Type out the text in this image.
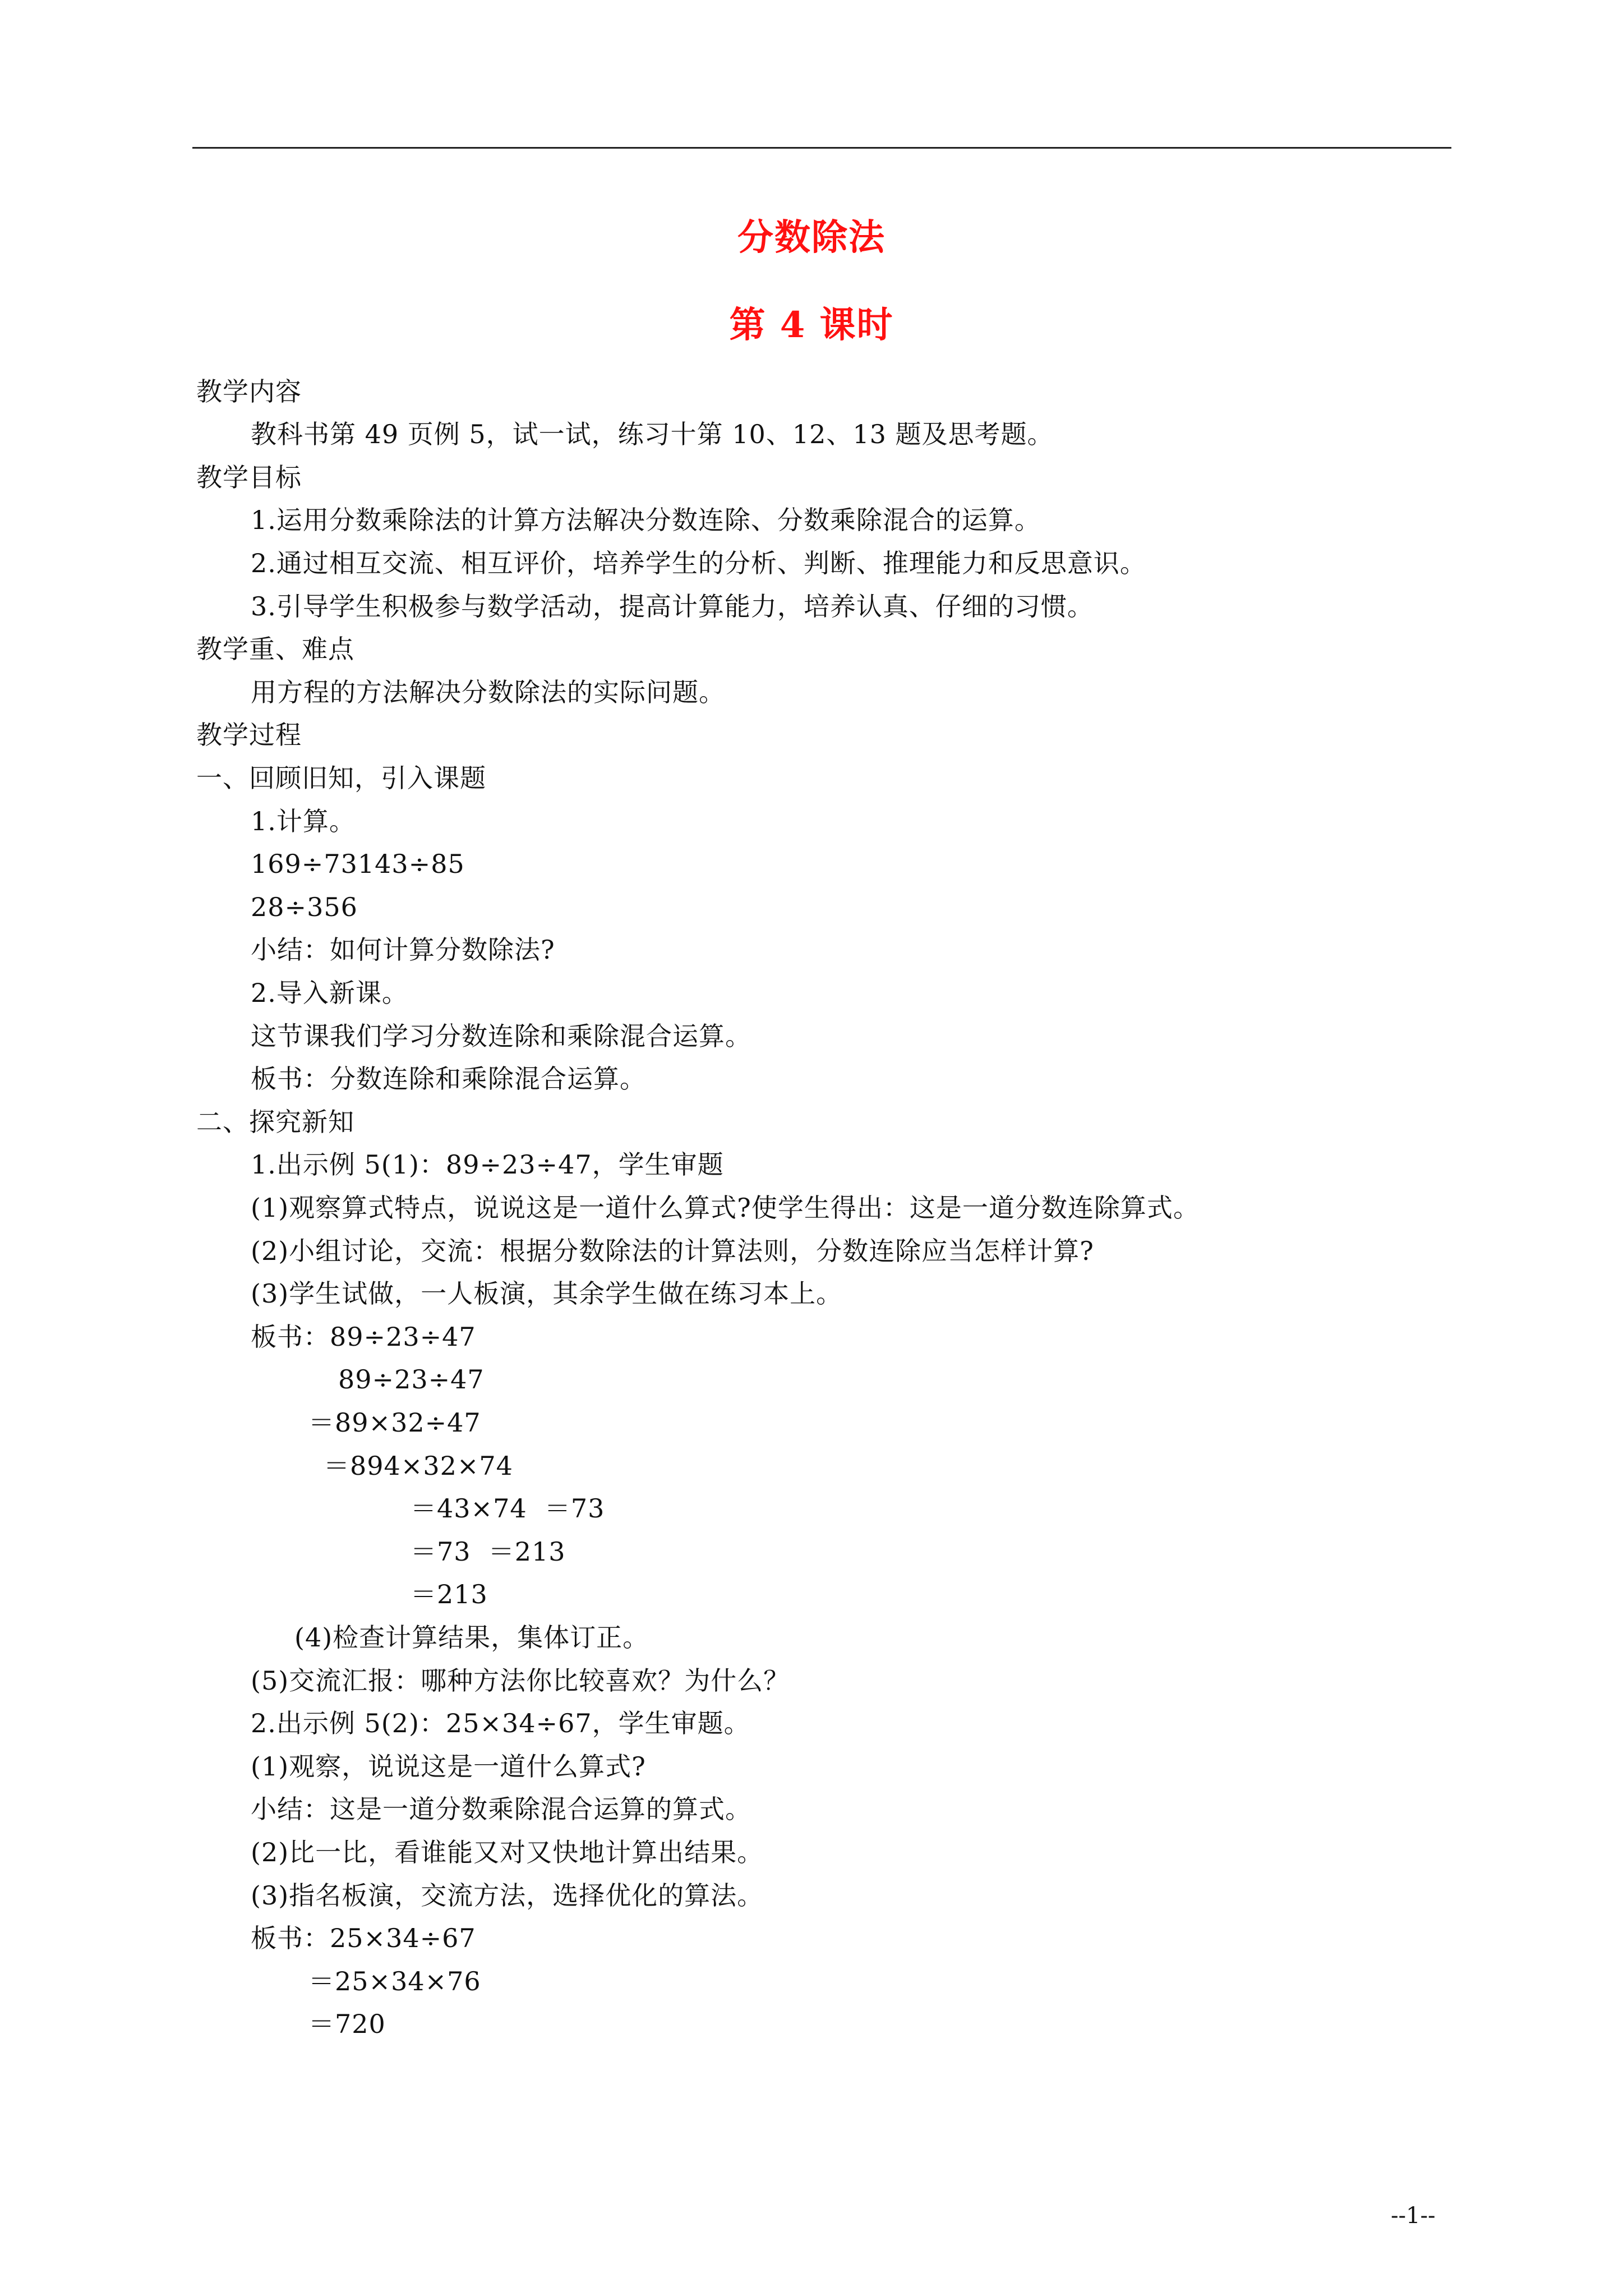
分数除法
第 4 课时
教学内容
教科书第 49 页例 5，试一试，练习十第 10、12、13 题及思考题。
教学目标
1.运用分数乘除法的计算方法解决分数连除、分数乘除混合的运算。
2.通过相互交流、相互评价，培养学生的分析、判断、推理能力和反思意识。
3.引导学生积极参与数学活动，提高计算能力，培养认真、仔细的习惯。
教学重、难点
用方程的方法解决分数除法的实际问题。
教学过程
一、回顾旧知，引入课题
1.计算。
169÷73143÷85
28÷356
小结：如何计算分数除法?
2.导入新课。
这节课我们学习分数连除和乘除混合运算。
板书：分数连除和乘除混合运算。
二、探究新知
1.出示例 5(1)：89÷23÷47，学生审题
(1)观察算式特点，说说这是一道什么算式?使学生得出：这是一道分数连除算式。
(2)小组讨论，交流：根据分数除法的计算法则，分数连除应当怎样计算?
(3)学生试做，一人板演，其余学生做在练习本上。
板书：89÷23÷47
89÷23÷47
＝89×32÷47
＝894×32×74
＝43×74  ＝73
＝73  ＝213
＝213
(4)检查计算结果，集体订正。
(5)交流汇报：哪种方法你比较喜欢？为什么？
2.出示例 5(2)：25×34÷67，学生审题。
(1)观察，说说这是一道什么算式?
小结：这是一道分数乘除混合运算的算式。
(2)比一比，看谁能又对又快地计算出结果。
(3)指名板演，交流方法，选择优化的算法。
板书：25×34÷67
＝25×34×76
＝720
--1--
